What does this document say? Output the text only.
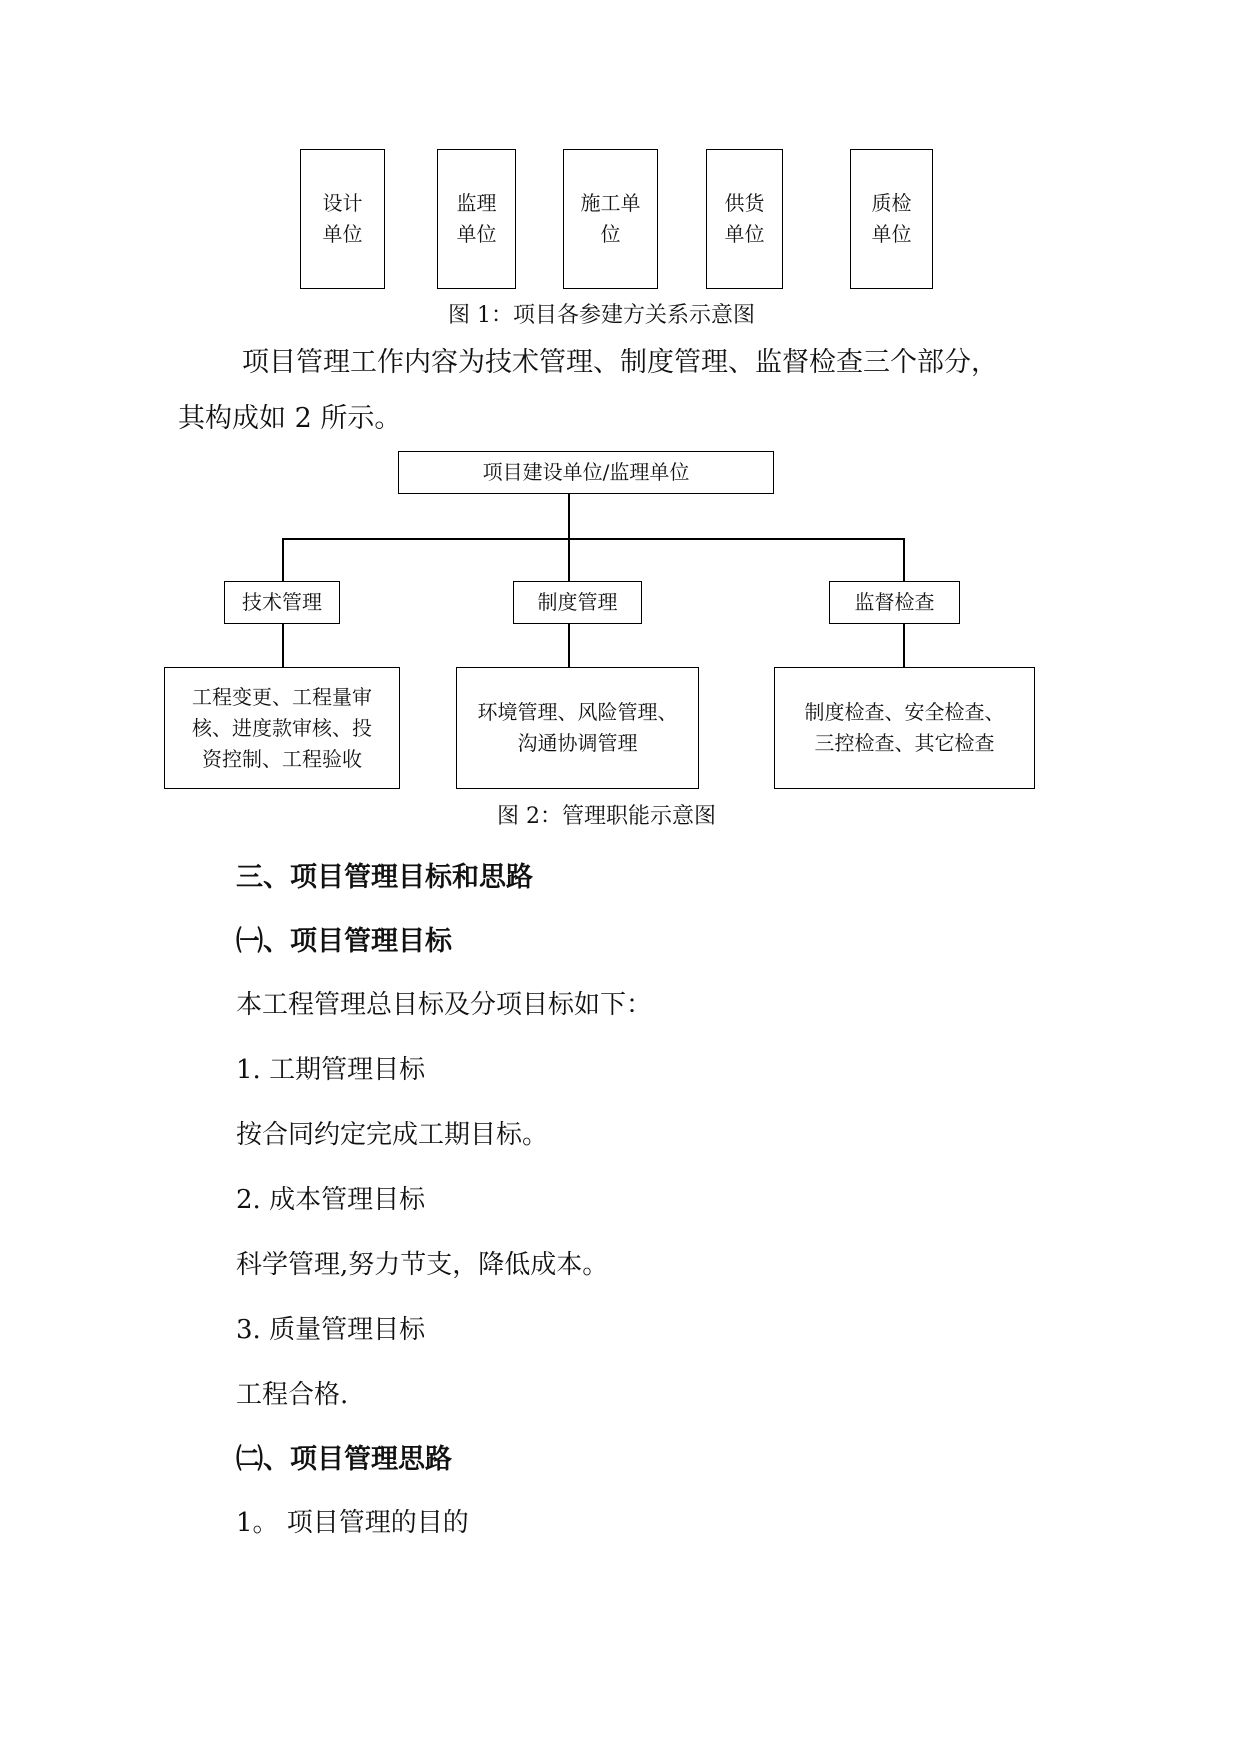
设计
单位
监理
单位
施工单
位
供货
单位
质检
单位
图 1：项目各参建方关系示意图
项目管理工作内容为技术管理、制度管理、监督检查三个部分，
其构成如 2 所示。
项目建设单位/监理单位
技术管理	制度管理	监督检查
工程变更、工程量审
核、进度款审核、投
资控制、工程验收
环境管理、风险管理、
沟通协调管理
制度检查、安全检查、
三控检查、其它检查
图 2：管理职能示意图
三、项目管理目标和思路
㈠、项目管理目标
本工程管理总目标及分项目标如下：
1. 工期管理目标
按合同约定完成工期目标。
2. 成本管理目标
科学管理,努力节支，降低成本。
3. 质量管理目标
工程合格.
㈡、项目管理思路
1。 项目管理的目的
